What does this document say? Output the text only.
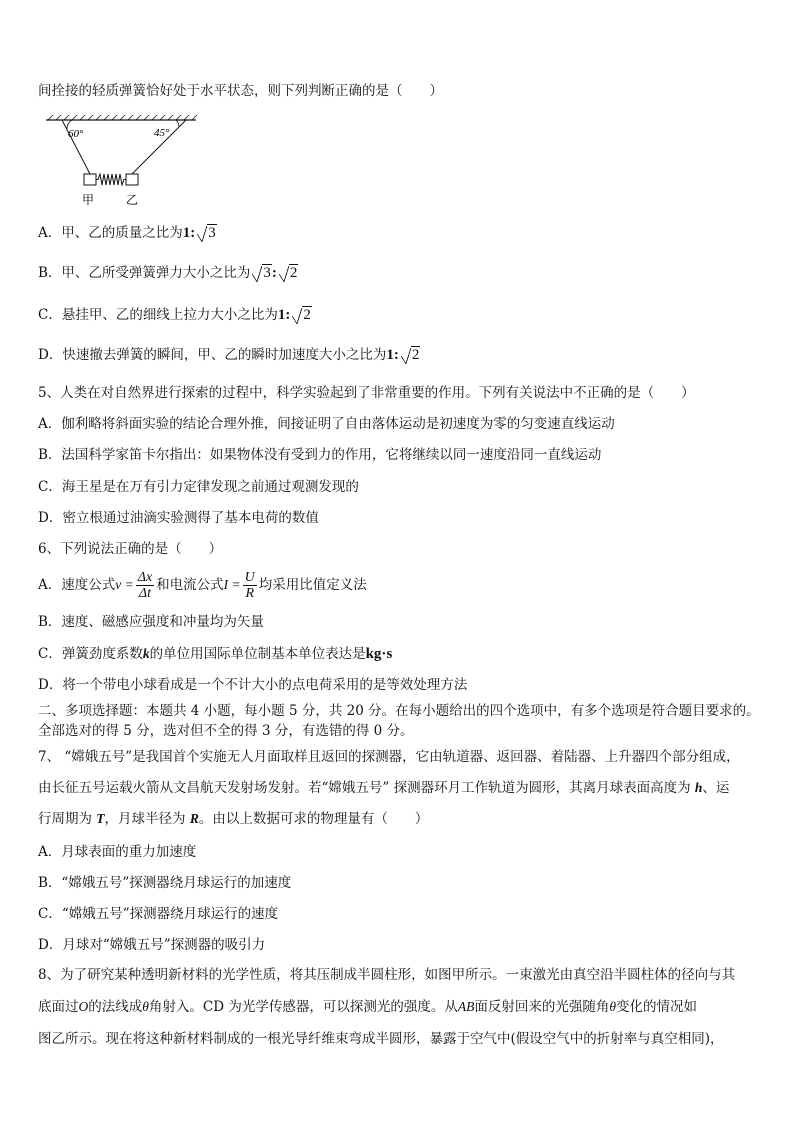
间拴接的轻质弹簧恰好处于水平状态，则下列判断正确的是（　　）
60°	45°
甲	乙
A．甲、乙的质量之比为1: 3
B．甲、乙所受弹簧弹力大小之比为 3: 2
C．悬挂甲、乙的细线上拉力大小之比为1: 2
D．快速撤去弹簧的瞬间，甲、乙的瞬时加速度大小之比为1: 2
5、人类在对自然界进行探索的过程中，科学实验起到了非常重要的作用。下列有关说法中不正确的是（　　）
A．伽利略将斜面实验的结论合理外推，间接证明了自由落体运动是初速度为零的匀变速直线运动
B．法国科学家笛卡尔指出：如果物体没有受到力的作用，它将继续以同一速度沿同一直线运动
C．海王星是在万有引力定律发现之前通过观测发现的
D．密立根通过油滴实验测得了基本电荷的数值
6、下列说法正确的是（　　）
A．速度公式$v = \frac{\Delta x}{\Delta t}$ 和电流公式$I = \frac{U}{R}$ 均采用比值定义法
B．速度、磁感应强度和冲量均为矢量
C．弹簧劲度系数k的单位用国际单位制基本单位表达是kg·s
D．将一个带电小球看成是一个不计大小的点电荷采用的是等效处理方法
二、多项选择题：本题共 4 小题，每小题 5 分，共 20 分。在每小题给出的四个选项中，有多个选项是符合题目要求的。
全部选对的得 5 分，选对但不全的得 3 分，有选错的得 0 分。
7、 “嫦娥五号”是我国首个实施无人月面取样且返回的探测器，它由轨道器、返回器、着陆器、上升器四个部分组成，
由长征五号运载火箭从文昌航天发射场发射。若“嫦娥五号” 探测器环月工作轨道为圆形，其离月球表面高度为 h、运
行周期为 T，月球半径为 R。由以上数据可求的物理量有（　　）
A．月球表面的重力加速度
B．“嫦娥五号”探测器绕月球运行的加速度
C．“嫦娥五号”探测器绕月球运行的速度
D．月球对“嫦娥五号”探测器的吸引力
8、为了研究某种透明新材料的光学性质，将其压制成半圆柱形，如图甲所示。一束激光由真空沿半圆柱体的径向与其
底面过O的法线成θ角射入。CD 为光学传感器，可以探测光的强度。从AB面反射回来的光强随角θ变化的情况如
图乙所示。现在将这种新材料制成的一根光导纤维束弯成半圆形，暴露于空气中(假设空气中的折射率与真空相同)，
